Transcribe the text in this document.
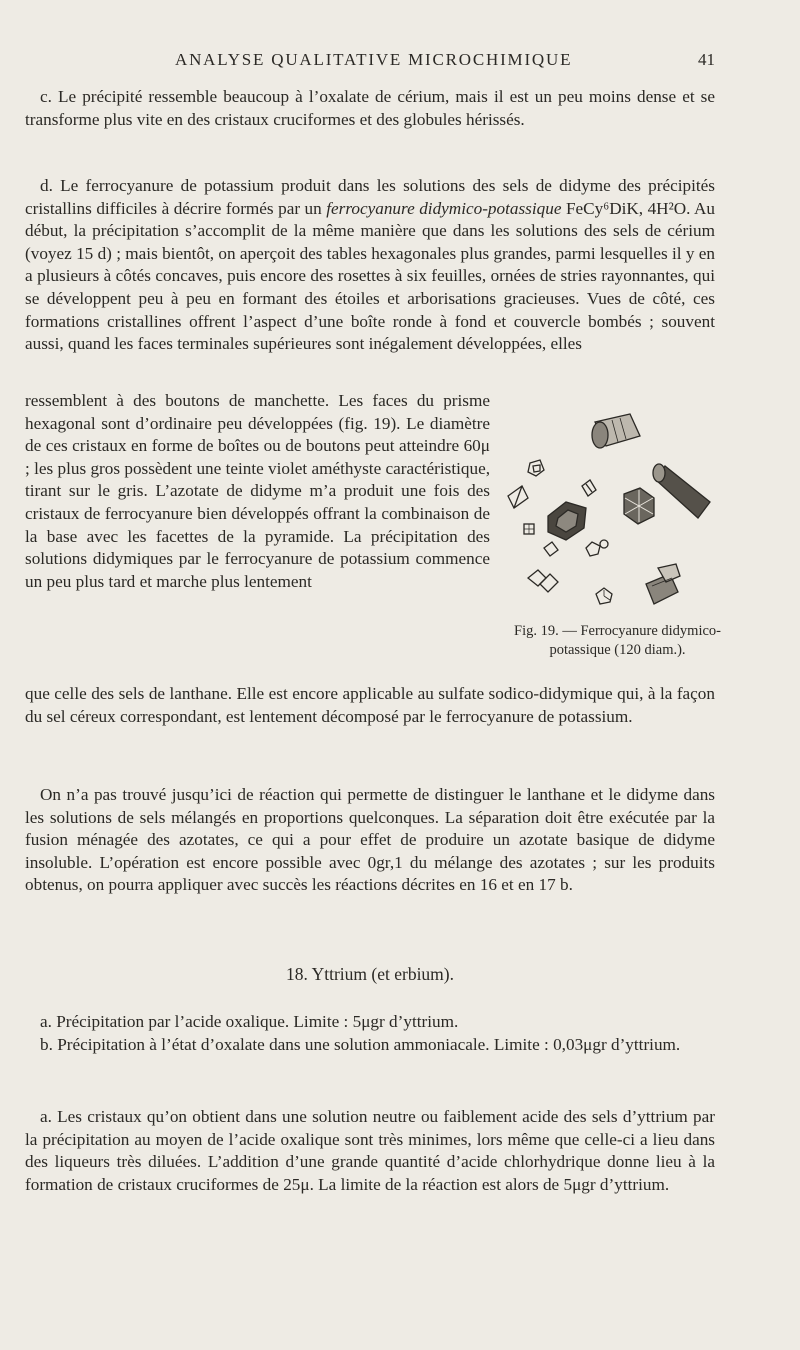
ANALYSE QUALITATIVE MICROCHIMIQUE	41
c. Le précipité ressemble beaucoup à l’oxalate de cérium, mais il est un peu moins dense et se transforme plus vite en des cristaux cruciformes et des globules hérissés.
d. Le ferrocyanure de potassium produit dans les solutions des sels de didyme des précipités cristallins difficiles à décrire formés par un ferrocyanure didymico-potassique FeCy⁶DiK, 4H²O. Au début, la précipitation s’accomplit de la même manière que dans les solutions des sels de cérium (voyez 15 d) ; mais bientôt, on aperçoit des tables hexagonales plus grandes, parmi lesquelles il y en a plusieurs à côtés concaves, puis encore des rosettes à six feuilles, ornées de stries rayonnantes, qui se développent peu à peu en formant des étoiles et arborisations gracieuses. Vues de côté, ces formations cristallines offrent l’aspect d’une boîte ronde à fond et couvercle bombés ; souvent aussi, quand les faces terminales supérieures sont inégalement développées, elles
ressemblent à des boutons de manchette. Les faces du prisme hexagonal sont d’ordinaire peu développées (fig. 19). Le diamètre de ces cristaux en forme de boîtes ou de boutons peut atteindre 60μ ; les plus gros possèdent une teinte violet améthyste caractéristique, tirant sur le gris. L’azotate de didyme m’a produit une fois des cristaux de ferrocyanure bien développés offrant la combinaison de la base avec les facettes de la pyramide. La précipitation des solutions didymiques par le ferrocyanure de potassium commence un peu plus tard et marche plus lentement
que celle des sels de lanthane. Elle est encore applicable au sulfate sodico-didymique qui, à la façon du sel céreux correspondant, est lentement décomposé par le ferrocyanure de potassium.
On n’a pas trouvé jusqu’ici de réaction qui permette de distinguer le lanthane et le didyme dans les solutions de sels mélangés en proportions quelconques. La séparation doit être exécutée par la fusion ménagée des azotates, ce qui a pour effet de produire un azotate basique de didyme insoluble. L’opération est encore possible avec 0gr,1 du mélange des azotates ; sur les produits obtenus, on pourra appliquer avec succès les réactions décrites en 16 et en 17 b.
18. Yttrium (et erbium).
a. Précipitation par l’acide oxalique. Limite : 5μgr d’yttrium.
b. Précipitation à l’état d’oxalate dans une solution ammoniacale. Limite : 0,03μgr d’yttrium.
a. Les cristaux qu’on obtient dans une solution neutre ou faiblement acide des sels d’yttrium par la précipitation au moyen de l’acide oxalique sont très minimes, lors même que celle-ci a lieu dans des liqueurs très diluées. L’addition d’une grande quantité d’acide chlorhydrique donne lieu à la formation de cristaux cruciformes de 25μ. La limite de la réaction est alors de 5μgr d’yttrium.
Fig. 19. — Ferrocyanure didymico-potassique (120 diam.).
